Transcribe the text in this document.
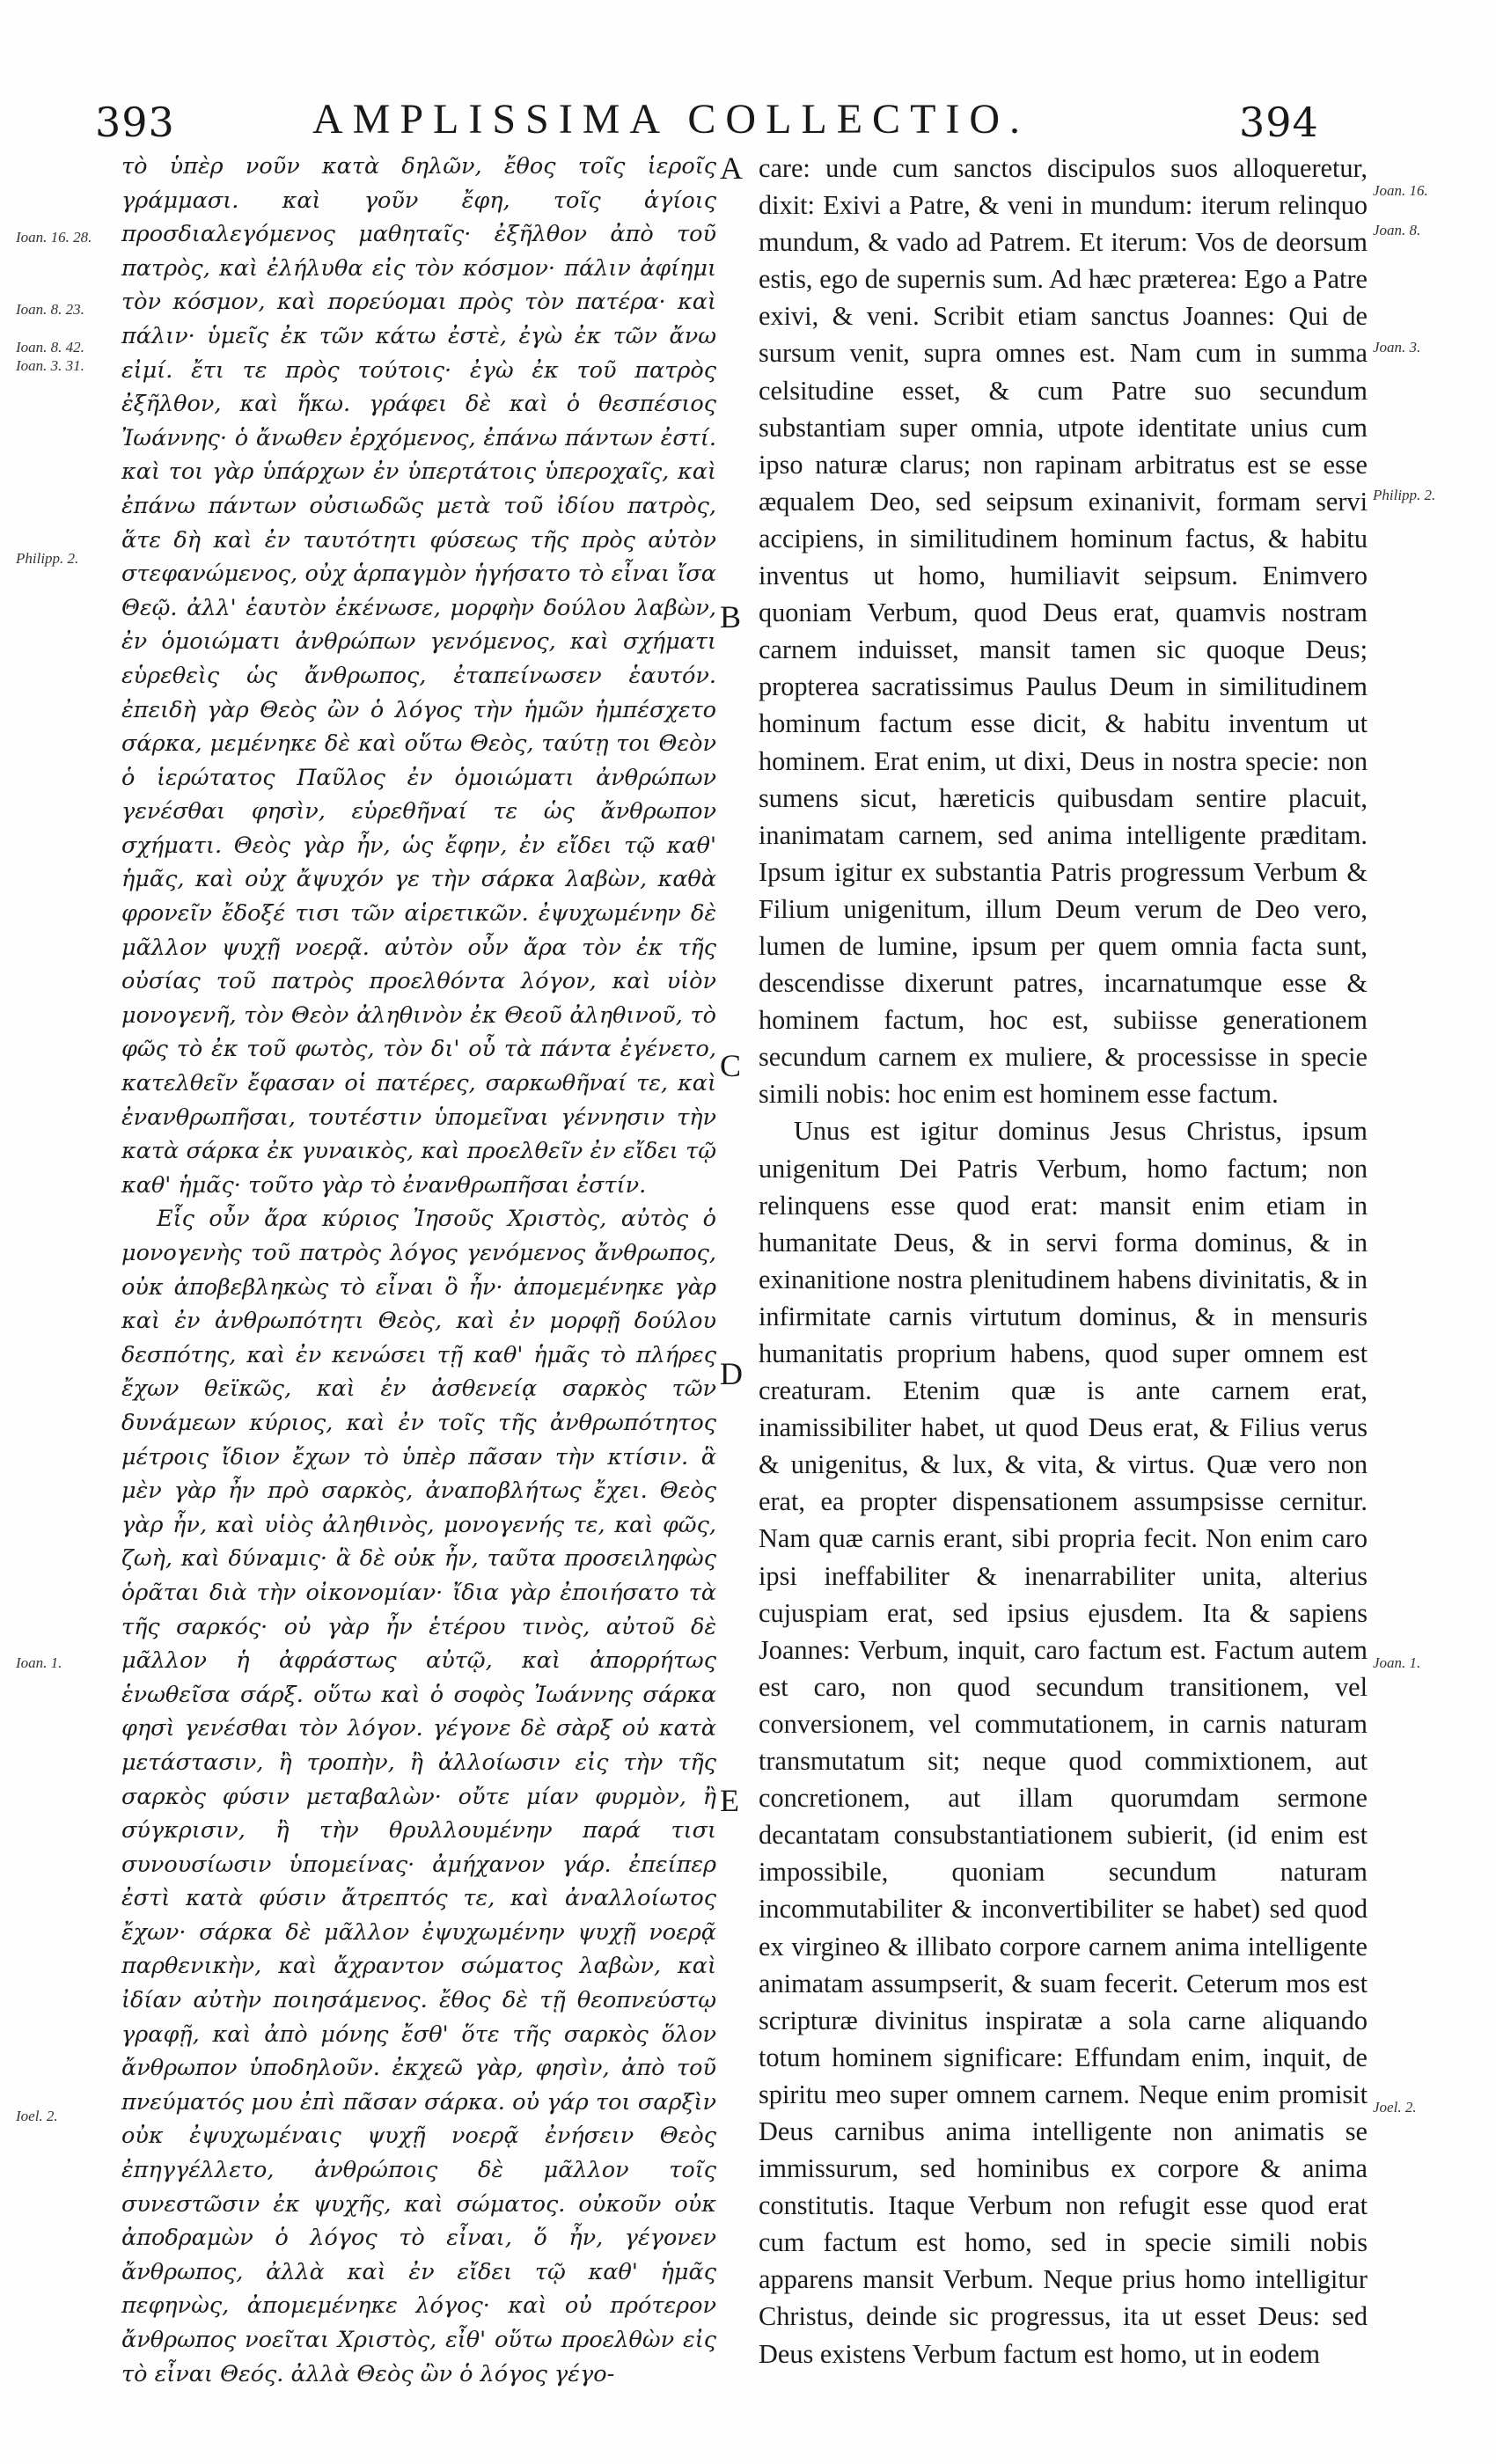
393	AMPLISSIMA COLLECTIO.	394
Ioan. 16. 28.
Ioan. 8. 23.
Ioan. 8. 42.
Ioan. 3. 31.
Philipp. 2.
Ioan. 1.
Ioel. 2.
Joan. 16.
Joan. 8.
Joan. 3.
Philipp. 2.
Joan. 1.
Joel. 2.
A
B
C
D
E

τὸ ὑπὲρ νοῦν κατὰ δηλῶν, ἔθος τοῖς ἱεροῖς γράμμασι. καὶ γοῦν ἔφη, τοῖς ἁγίοις προσδιαλεγόμενος μαθηταῖς· ἐξῆλθον ἀπὸ τοῦ πατρὸς, καὶ ἐλήλυθα εἰς τὸν κόσμον· πάλιν ἀφίημι τὸν κόσμον, καὶ πορεύομαι πρὸς τὸν πατέρα· καὶ πάλιν· ὑμεῖς ἐκ τῶν κάτω ἐστὲ, ἐγὼ ἐκ τῶν ἄνω εἰμί. ἔτι τε πρὸς τούτοις· ἐγὼ ἐκ τοῦ πατρὸς ἐξῆλθον, καὶ ἥκω. γράφει δὲ καὶ ὁ θεσπέσιος Ἰωάννης· ὁ ἄνωθεν ἐρχόμενος, ἐπάνω πάντων ἐστί. καὶ τοι γὰρ ὑπάρχων ἐν ὑπερτάτοις ὑπεροχαῖς, καὶ ἐπάνω πάντων οὐσιωδῶς μετὰ τοῦ ἰδίου πατρὸς, ἅτε δὴ καὶ ἐν ταυτότητι φύσεως τῆς πρὸς αὐτὸν στεφανώμενος, οὐχ ἁρπαγμὸν ἡγήσατο τὸ εἶναι ἴσα Θεῷ. ἀλλ' ἑαυτὸν ἐκένωσε, μορφὴν δούλου λαβὼν, ἐν ὁμοιώματι ἀνθρώπων γενόμενος, καὶ σχήματι εὑρεθεὶς ὡς ἄνθρωπος, ἐταπείνωσεν ἑαυτόν. ἐπειδὴ γὰρ Θεὸς ὢν ὁ λόγος τὴν ἡμῶν ἠμπέσχετο σάρκα, μεμένηκε δὲ καὶ οὕτω Θεὸς, ταύτῃ τοι Θεὸν ὁ ἱερώτατος Παῦλος ἐν ὁμοιώματι ἀνθρώπων γενέσθαι φησὶν, εὑρεθῆναί τε ὡς ἄνθρωπον σχήματι. Θεὸς γὰρ ἦν, ὡς ἔφην, ἐν εἴδει τῷ καθ' ἡμᾶς, καὶ οὐχ ἄψυχόν γε τὴν σάρκα λαβὼν, καθὰ φρονεῖν ἔδοξέ τισι τῶν αἱρετικῶν. ἐψυχωμένην δὲ μᾶλλον ψυχῇ νοερᾷ. αὐτὸν οὖν ἄρα τὸν ἐκ τῆς οὐσίας τοῦ πατρὸς προελθόντα λόγον, καὶ υἱὸν μονογενῆ, τὸν Θεὸν ἀληθινὸν ἐκ Θεοῦ ἀληθινοῦ, τὸ φῶς τὸ ἐκ τοῦ φωτὸς, τὸν δι' οὗ τὰ πάντα ἐγένετο, κατελθεῖν ἔφασαν οἱ πατέρες, σαρκωθῆναί τε, καὶ ἐνανθρωπῆσαι, τουτέστιν ὑπομεῖναι γέννησιν τὴν κατὰ σάρκα ἐκ γυναικὸς, καὶ προελθεῖν ἐν εἴδει τῷ καθ' ἡμᾶς· τοῦτο γὰρ τὸ ἐνανθρωπῆσαι ἐστίν.

Εἷς οὖν ἄρα κύριος Ἰησοῦς Χριστὸς, αὐτὸς ὁ μονογενὴς τοῦ πατρὸς λόγος γενόμενος ἄνθρωπος, οὐκ ἀποβεβληκὼς τὸ εἶναι ὃ ἦν· ἀπομεμένηκε γὰρ καὶ ἐν ἀνθρωπότητι Θεὸς, καὶ ἐν μορφῇ δούλου δεσπότης, καὶ ἐν κενώσει τῇ καθ' ἡμᾶς τὸ πλήρες ἔχων θεϊκῶς, καὶ ἐν ἀσθενείᾳ σαρκὸς τῶν δυνάμεων κύριος, καὶ ἐν τοῖς τῆς ἀνθρωπότητος μέτροις ἴδιον ἔχων τὸ ὑπὲρ πᾶσαν τὴν κτίσιν. ἃ μὲν γὰρ ἦν πρὸ σαρκὸς, ἀναποβλήτως ἔχει. Θεὸς γὰρ ἦν, καὶ υἱὸς ἀληθινὸς, μονογενής τε, καὶ φῶς, ζωὴ, καὶ δύναμις· ἃ δὲ οὐκ ἦν, ταῦτα προσειληφὼς ὁρᾶται διὰ τὴν οἰκονομίαν· ἴδια γὰρ ἐποιήσατο τὰ τῆς σαρκός· οὐ γὰρ ἦν ἑτέρου τινὸς, αὐτοῦ δὲ μᾶλλον ἡ ἀφράστως αὐτῷ, καὶ ἀπορρήτως ἑνωθεῖσα σάρξ. οὕτω καὶ ὁ σοφὸς Ἰωάννης σάρκα φησὶ γενέσθαι τὸν λόγον. γέγονε δὲ σὰρξ οὐ κατὰ μετάστασιν, ἢ τροπὴν, ἢ ἀλλοίωσιν εἰς τὴν τῆς σαρκὸς φύσιν μεταβαλὼν· οὔτε μίαν φυρμὸν, ἢ σύγκρισιν, ἢ τὴν θρυλλουμένην παρά τισι συνουσίωσιν ὑπομείνας· ἀμήχανον γάρ. ἐπείπερ ἐστὶ κατὰ φύσιν ἄτρεπτός τε, καὶ ἀναλλοίωτος ἔχων· σάρκα δὲ μᾶλλον ἐψυχωμένην ψυχῇ νοερᾷ παρθενικὴν, καὶ ἄχραντον σώματος λαβὼν, καὶ ἰδίαν αὐτὴν ποιησάμενος. ἔθος δὲ τῇ θεοπνεύστῳ γραφῇ, καὶ ἀπὸ μόνης ἔσθ' ὅτε τῆς σαρκὸς ὅλον ἄνθρωπον ὑποδηλοῦν. ἐκχεῶ γὰρ, φησὶν, ἀπὸ τοῦ πνεύματός μου ἐπὶ πᾶσαν σάρκα. οὐ γάρ τοι σαρξὶν οὐκ ἐψυχωμέναις ψυχῇ νοερᾷ ἐνήσειν Θεὸς ἐπηγγέλλετο, ἀνθρώποις δὲ μᾶλλον τοῖς συνεστῶσιν ἐκ ψυχῆς, καὶ σώματος. οὐκοῦν οὐκ ἀποδραμὼν ὁ λόγος τὸ εἶναι, ὅ ἦν, γέγονεν ἄνθρωπος, ἀλλὰ καὶ ἐν εἴδει τῷ καθ' ἡμᾶς πεφηνὼς, ἀπομεμένηκε λόγος· καὶ οὐ πρότερον ἄνθρωπος νοεῖται Χριστὸς, εἶθ' οὕτω προελθὼν εἰς τὸ εἶναι Θεός. ἀλλὰ Θεὸς ὢν ὁ λόγος γέγο-

care: unde cum sanctos discipulos suos alloqueretur, dixit: Exivi a Patre, & veni in mundum: iterum relinquo mundum, & vado ad Patrem. Et iterum: Vos de deorsum estis, ego de supernis sum. Ad hæc præterea: Ego a Patre exivi, & veni. Scribit etiam sanctus Joannes: Qui de sursum venit, supra omnes est. Nam cum in summa celsitudine esset, & cum Patre suo secundum substantiam super omnia, utpote identitate unius cum ipso naturæ clarus; non rapinam arbitratus est se esse æqualem Deo, sed seipsum exinanivit, formam servi accipiens, in similitudinem hominum factus, & habitu inventus ut homo, humiliavit seipsum. Enimvero quoniam Verbum, quod Deus erat, quamvis nostram carnem induisset, mansit tamen sic quoque Deus; propterea sacratissimus Paulus Deum in similitudinem hominum factum esse dicit, & habitu inventum ut hominem. Erat enim, ut dixi, Deus in nostra specie: non sumens sicut, hæreticis quibusdam sentire placuit, inanimatam carnem, sed anima intelligente præditam. Ipsum igitur ex substantia Patris progressum Verbum & Filium unigenitum, illum Deum verum de Deo vero, lumen de lumine, ipsum per quem omnia facta sunt, descendisse dixerunt patres, incarnatumque esse & hominem factum, hoc est, subiisse generationem secundum carnem ex muliere, & processisse in specie simili nobis: hoc enim est hominem esse factum.

Unus est igitur dominus Jesus Christus, ipsum unigenitum Dei Patris Verbum, homo factum; non relinquens esse quod erat: mansit enim etiam in humanitate Deus, & in servi forma dominus, & in exinanitione nostra plenitudinem habens divinitatis, & in infirmitate carnis virtutum dominus, & in mensuris humanitatis proprium habens, quod super omnem est creaturam. Etenim quæ is ante carnem erat, inamissibiliter habet, ut quod Deus erat, & Filius verus & unigenitus, & lux, & vita, & virtus. Quæ vero non erat, ea propter dispensationem assumpsisse cernitur. Nam quæ carnis erant, sibi propria fecit. Non enim caro ipsi ineffabiliter & inenarrabiliter unita, alterius cujuspiam erat, sed ipsius ejusdem. Ita & sapiens Joannes: Verbum, inquit, caro factum est. Factum autem est caro, non quod secundum transitionem, vel conversionem, vel commutationem, in carnis naturam transmutatum sit; neque quod commixtionem, aut concretionem, aut illam quorumdam sermone decantatam consubstantiationem subierit, (id enim est impossibile, quoniam secundum naturam incommutabiliter & inconvertibiliter se habet) sed quod ex virgineo & illibato corpore carnem anima intelligente animatam assumpserit, & suam fecerit. Ceterum mos est scripturæ divinitus inspiratæ a sola carne aliquando totum hominem significare: Effundam enim, inquit, de spiritu meo super omnem carnem. Neque enim promisit Deus carnibus anima intelligente non animatis se immissurum, sed hominibus ex corpore & anima constitutis. Itaque Verbum non refugit esse quod erat cum factum est homo, sed in specie simili nobis apparens mansit Verbum. Neque prius homo intelligitur Christus, deinde sic progressus, ita ut esset Deus: sed Deus existens Verbum factum est homo, ut in eodem
